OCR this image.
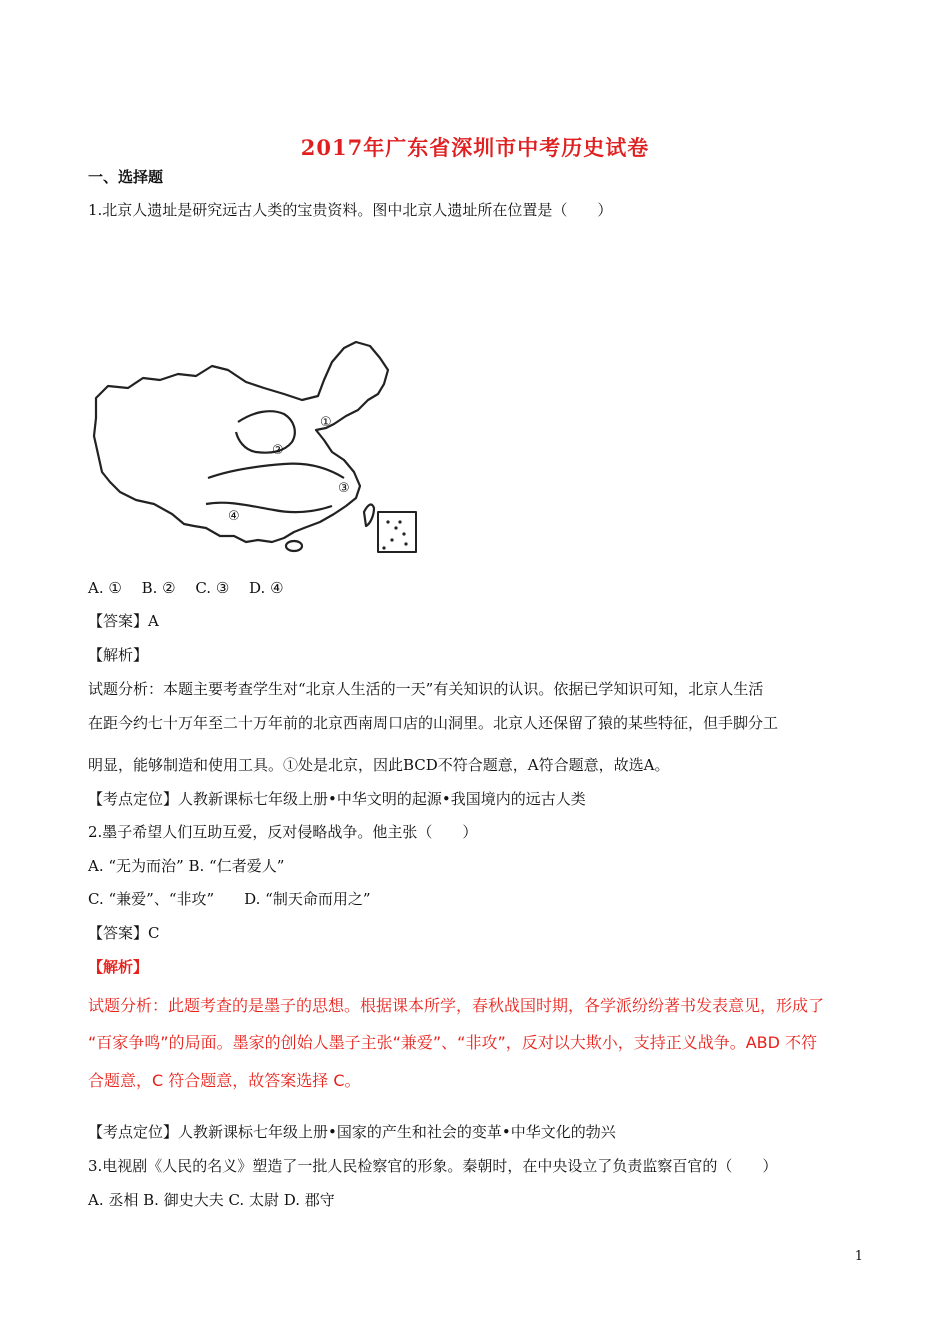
2017年广东省深圳市中考历史试卷
一、选择题
1.北京人遗址是研究远古人类的宝贵资料。图中北京人遗址所在位置是（　　）
①
②
③
④
A. ①　 B. ②　 C. ③　 D. ④
【答案】A
【解析】
试题分析：本题主要考查学生对“北京人生活的一天”有关知识的认识。依据已学知识可知，北京人生活
在距今约七十万年至二十万年前的北京西南周口店的山洞里。北京人还保留了猿的某些特征，但手脚分工
明显，能够制造和使用工具。①处是北京，因此BCD不符合题意，A符合题意，故选A。
【考点定位】人教新课标七年级上册•中华文明的起源•我国境内的远古人类
2.墨子希望人们互助互爱，反对侵略战争。他主张（　　）
A. “无为而治” B. “仁者爱人”
C. “兼爱”、“非攻”　　D. “制天命而用之”
【答案】C
【解析】
试题分析：此题考查的是墨子的思想。根据课本所学，春秋战国时期，各学派纷纷著书发表意见，形成了
“百家争鸣”的局面。墨家的创始人墨子主张“兼爱”、“非攻”，反对以大欺小，支持正义战争。ABD 不符
合题意，C 符合题意，故答案选择 C。
【考点定位】人教新课标七年级上册•国家的产生和社会的变革•中华文化的勃兴
3.电视剧《人民的名义》塑造了一批人民检察官的形象。秦朝时，在中央设立了负责监察百官的（　　）
A. 丞相 B. 御史大夫 C. 太尉 D. 郡守
1
